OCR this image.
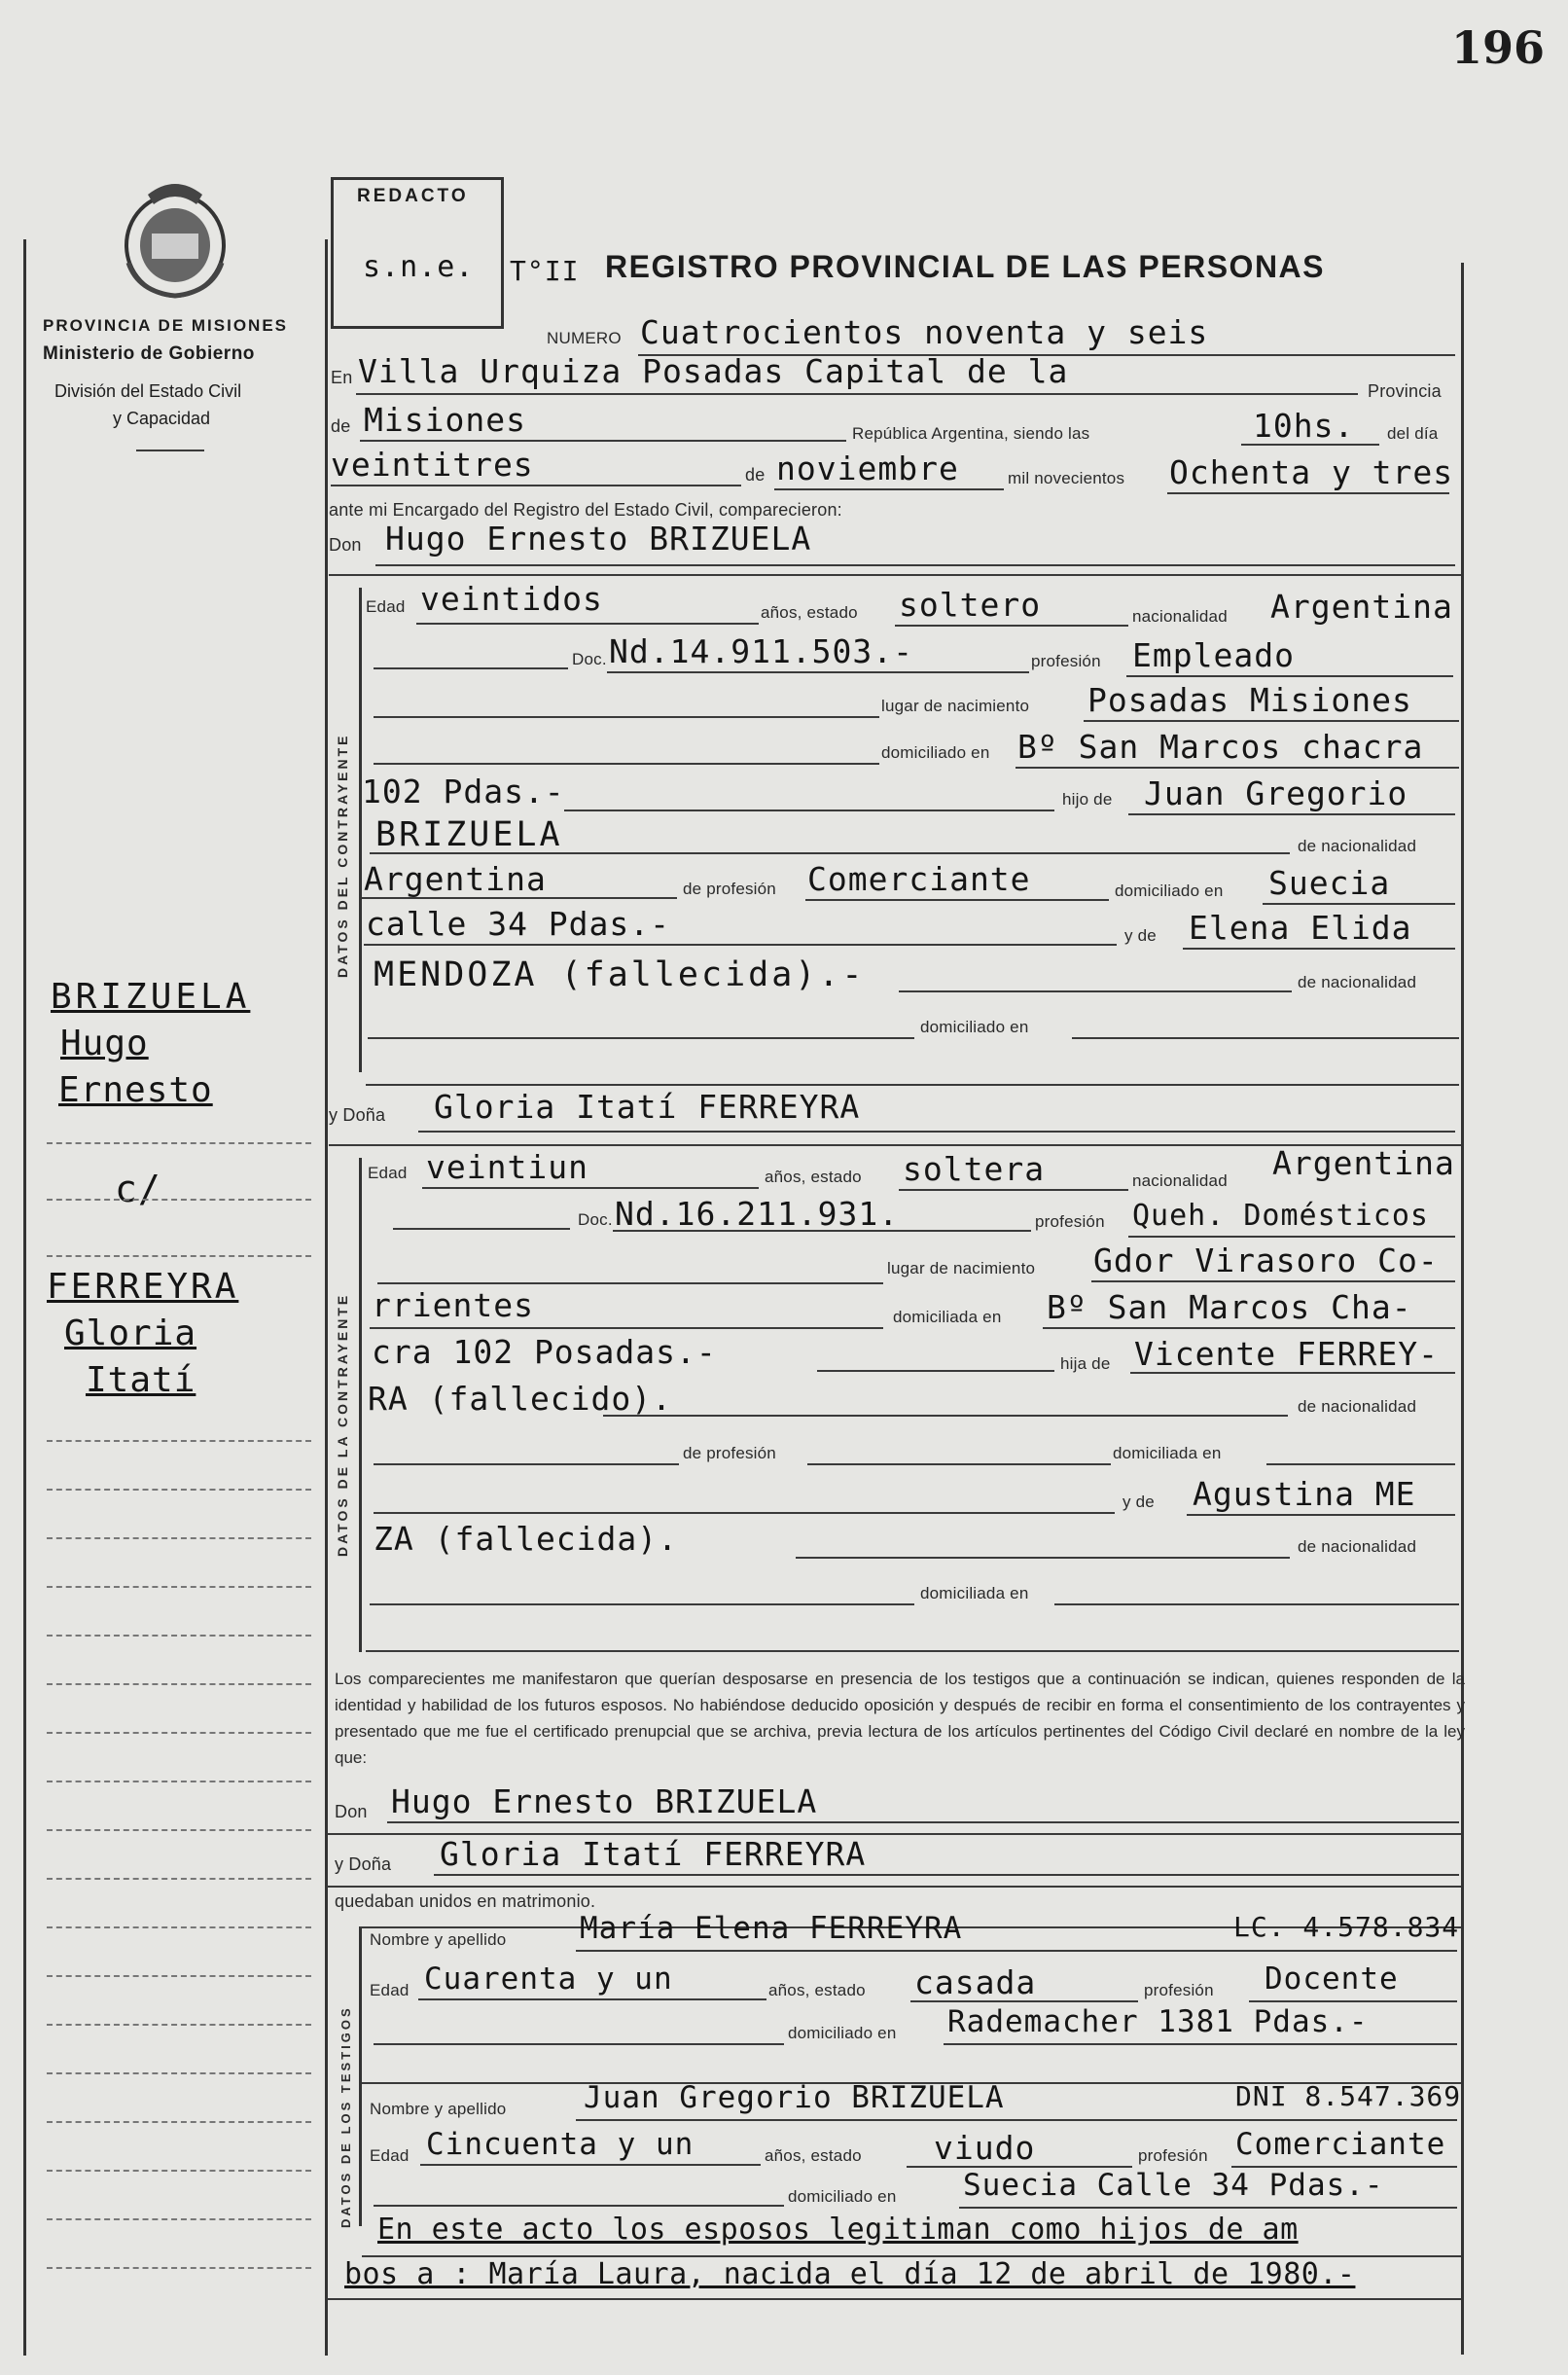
196
PROVINCIA DE MISIONES
Ministerio de Gobierno
División del Estado Civil
y Capacidad
REDACTO
s.n.e. T°II REGISTRO PROVINCIAL DE LAS PERSONAS
BRIZUELA
Hugo
Ernesto
c/
FERREYRA
Gloria
Itatí
NUMERO Cuatrocientos noventa y seis
En Villa Urquiza Posadas Capital de la
Provincia
de Misiones	República Argentina, siendo las	10hs. del día
veintitres	de noviembre	mil novecientos Ochenta y tres
ante mi Encargado del Registro del Estado Civil, comparecieron:
Don Hugo Ernesto BRIZUELA
DATOS DEL CONTRAYENTE
Edad veintidos	años, estado soltero	nacionalidad Argentina
Doc. Nd.14.911.503.-	profesión Empleado
lugar de nacimiento Posadas Misiones
domiciliado en Bº San Marcos chacra
102 Pdas.-	hijo de Juan Gregorio
BRIZUELA	de nacionalidad
Argentina	de profesión Comerciante	domiciliado en Suecia
calle 34 Pdas.-	y de Elena Elida
MENDOZA (fallecida).-	de nacionalidad
domiciliado en
y Doña Gloria Itatí FERREYRA
DATOS DE LA CONTRAYENTE
Edad veintiun	años, estado soltera	nacionalidad Argentina
Doc. Nd.16.211.931.	profesión Queh. Domésticos
lugar de nacimiento Gdor Virasoro Co-
rrientes	domiciliada en Bº San Marcos Cha-
cra 102 Posadas.-	hija de Vicente FERREY-
RA (fallecido).	de nacionalidad
de profesión	domiciliada en
y de Agustina ME
ZA (fallecida).	de nacionalidad
domiciliada en
Los comparecientes me manifestaron que querían desposarse en presencia de los testigos que a continuación se indican, quienes responden de la identidad y habilidad de los futuros esposos. No habiéndose deducido oposición y después de recibir en forma el consentimiento de los contrayentes y presentado que me fue el certificado prenupcial que se archiva, previa lectura de los artículos pertinentes del Código Civil declaré en nombre de la ley que:
Don Hugo Ernesto BRIZUELA
y Doña Gloria Itatí FERREYRA
quedaban unidos en matrimonio.
DATOS DE LOS TESTIGOS
Nombre y apellido María Elena FERREYRA	LC. 4.578.834
Edad Cuarenta y un	años, estado casada	profesión Docente
domiciliado en Rademacher 1381 Pdas.-
Nombre y apellido	Juan Gregorio BRIZUELA	DNI 8.547.369
Edad Cincuenta y un	años, estado viudo	profesión Comerciante
domiciliado en Suecia Calle 34 Pdas.-
En este acto los esposos legitiman como hijos de am
bos a : María Laura, nacida el día 12 de abril de 1980.-
